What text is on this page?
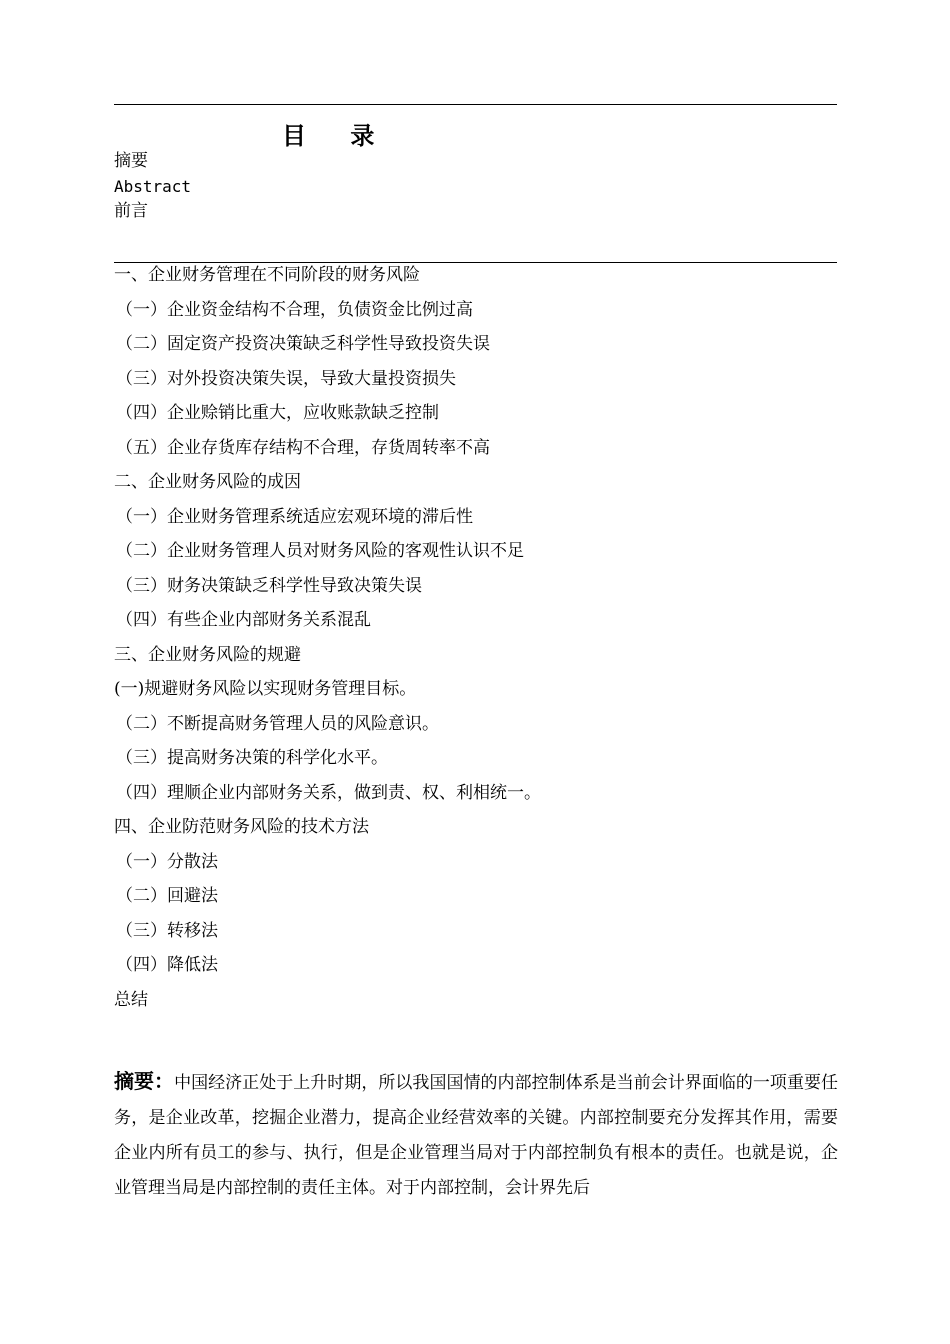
目 录
摘要
Abstract
前言
一、企业财务管理在不同阶段的财务风险
（一）企业资金结构不合理，负债资金比例过高
（二）固定资产投资决策缺乏科学性导致投资失误
（三）对外投资决策失误，导致大量投资损失
（四）企业赊销比重大，应收账款缺乏控制
（五）企业存货库存结构不合理，存货周转率不高
二、企业财务风险的成因
（一）企业财务管理系统适应宏观环境的滞后性
（二）企业财务管理人员对财务风险的客观性认识不足
（三）财务决策缺乏科学性导致决策失误
（四）有些企业内部财务关系混乱
三、企业财务风险的规避
(一)规避财务风险以实现财务管理目标。
（二）不断提高财务管理人员的风险意识。
（三）提高财务决策的科学化水平。
（四）理顺企业内部财务关系，做到责、权、利相统一。
四、企业防范财务风险的技术方法
（一）分散法
（二）回避法
（三）转移法
（四）降低法
总结
摘要：中国经济正处于上升时期，所以我国国情的内部控制体系是当前会计界面临的一项重要任务，是企业改革，挖掘企业潜力，提高企业经营效率的关键。内部控制要充分发挥其作用，需要企业内所有员工的参与、执行，但是企业管理当局对于内部控制负有根本的责任。也就是说，企业管理当局是内部控制的责任主体。对于内部控制，会计界先后
